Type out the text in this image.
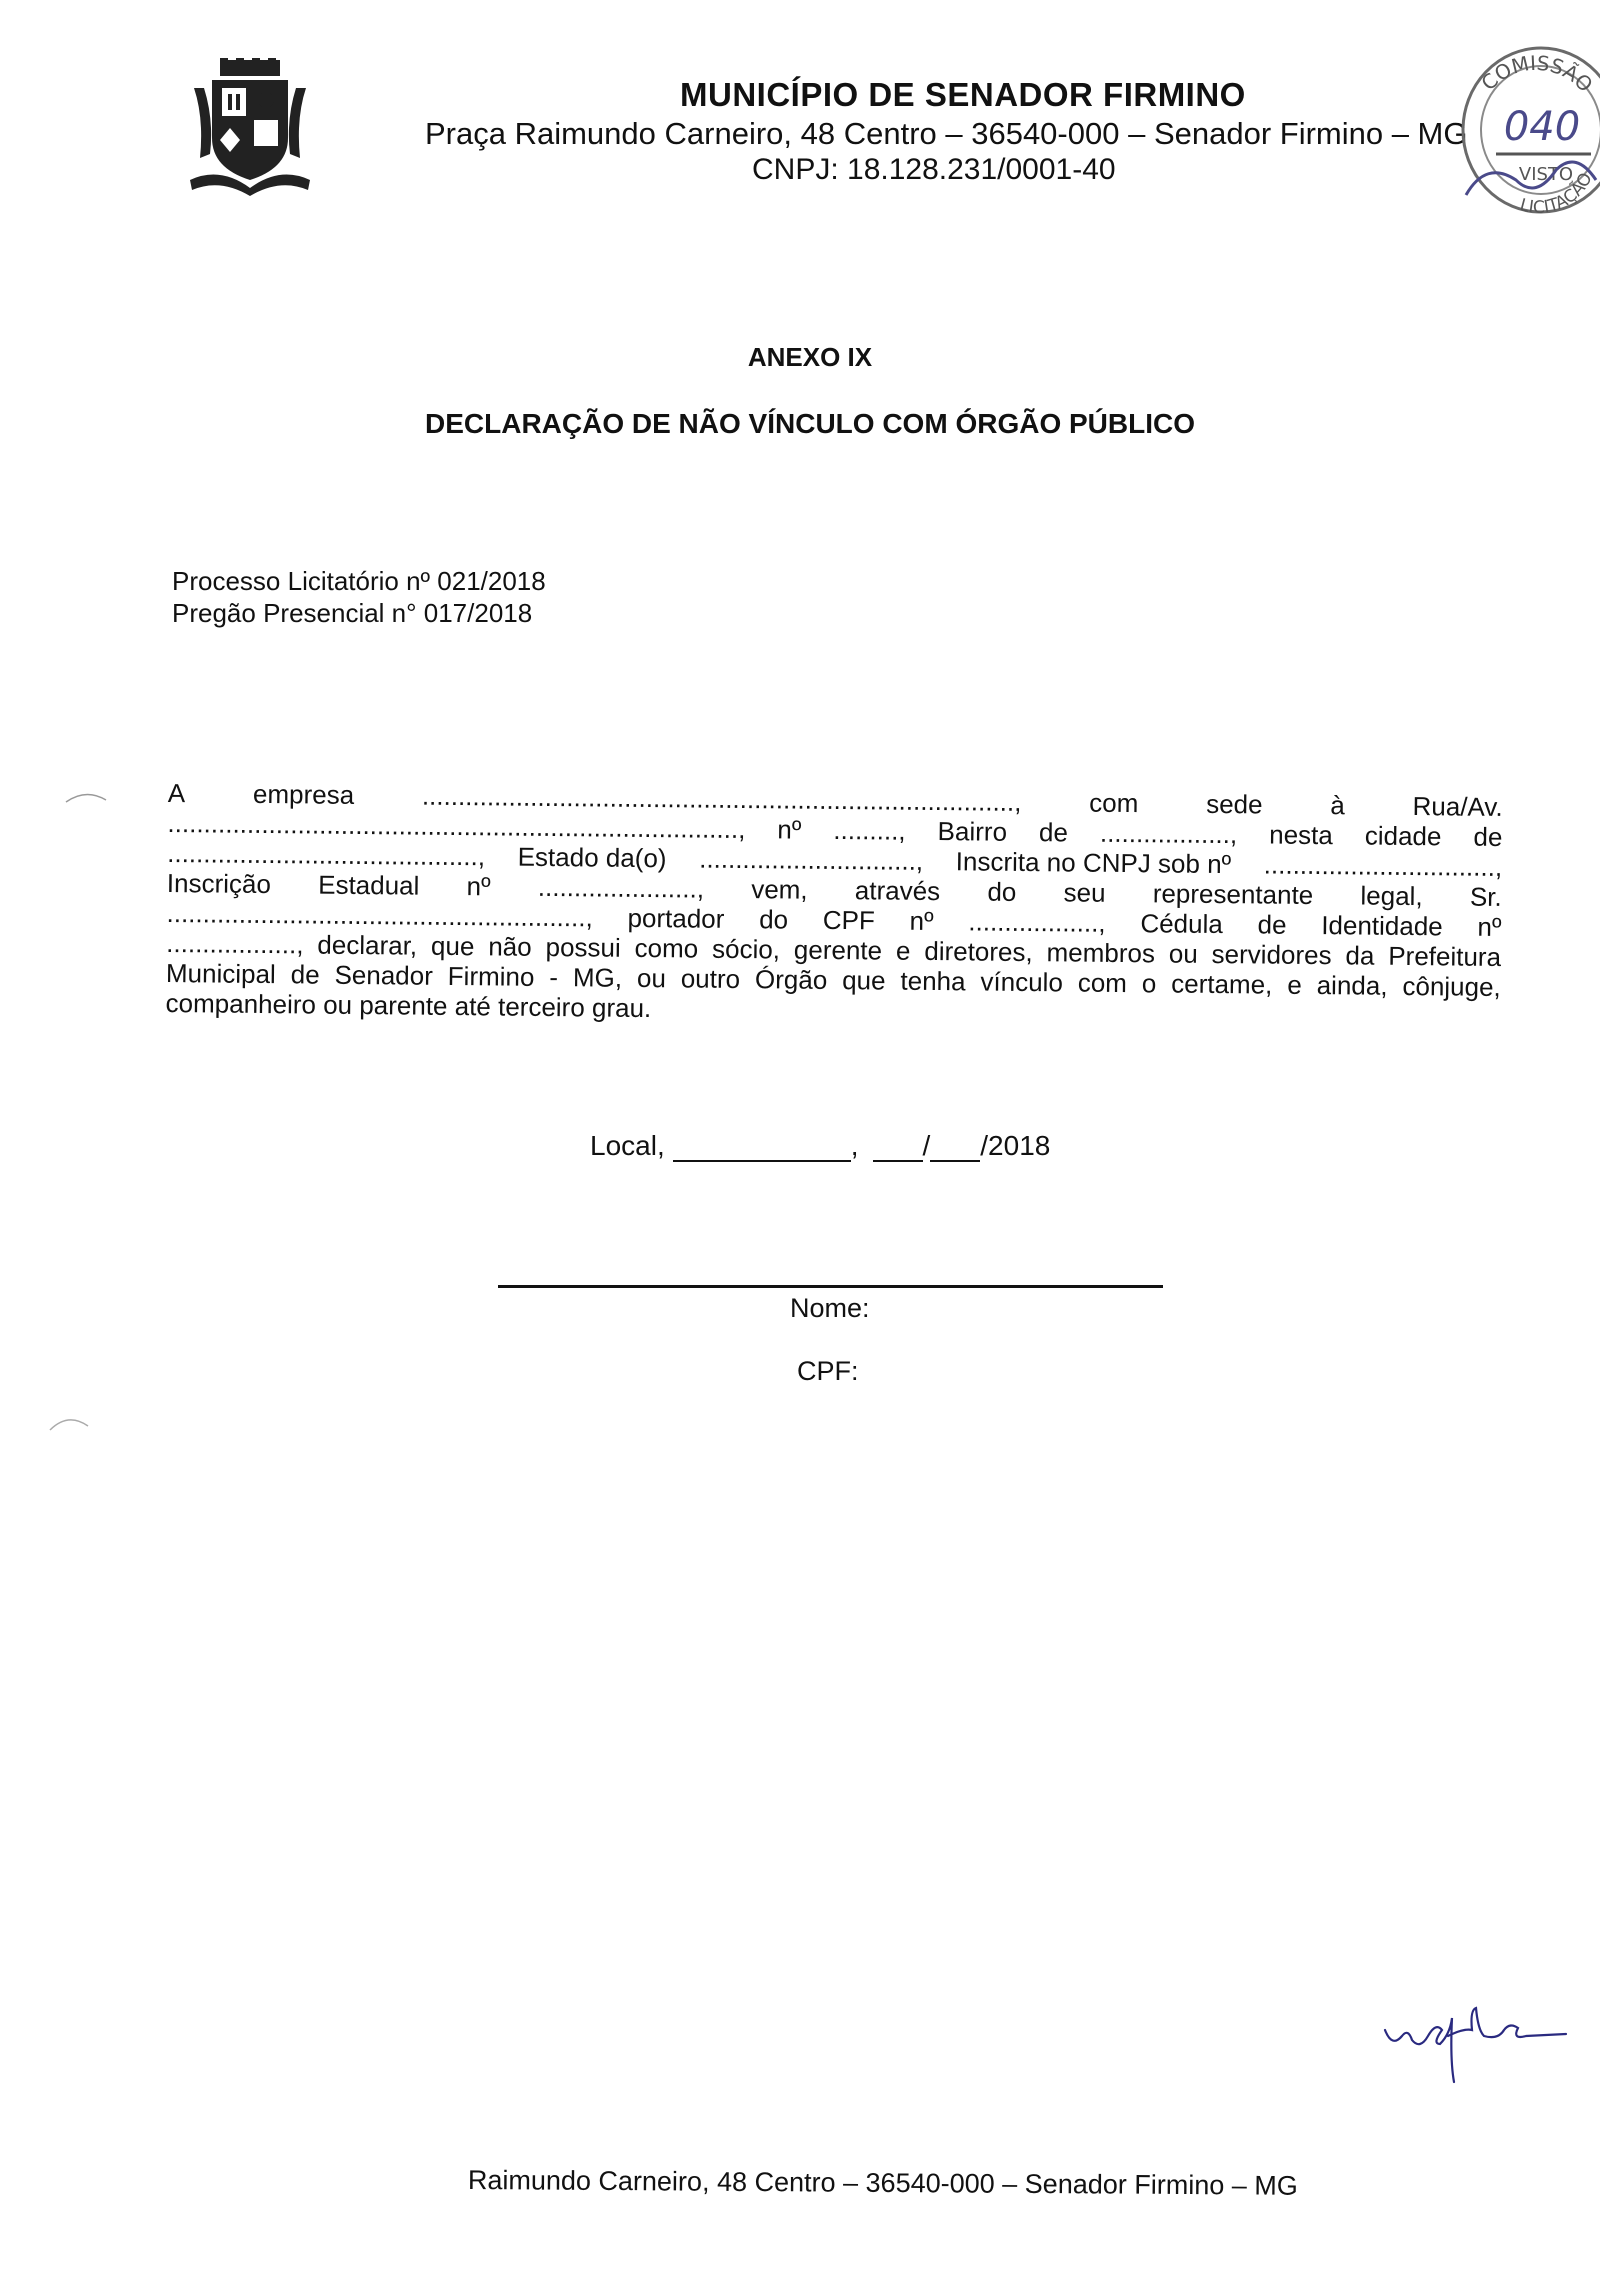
MUNICÍPIO DE SENADOR FIRMINO
Praça Raimundo Carneiro, 48 Centro – 36540-000 – Senador Firmino – MG
CNPJ: 18.128.231/0001-40
COMISSÃO
040
VISTO
LICITAÇÃO
ANEXO IX
DECLARAÇÃO DE NÃO VÍNCULO COM ÓRGÃO PÚBLICO
Processo Licitatório nº 021/2018
Pregão Presencial n° 017/2018
A	empresa	..................................................................................,	com	sede	à	Rua/Av.
..............................................................................., nº ........., Bairro de .................., nesta cidade de
..........................................., Estado da(o) .............................., Inscrita no CNPJ sob nº ................................,
Inscrição Estadual nº ......................, vem, através do seu representante legal, Sr.
.........................................................., portador do CPF nº .................., Cédula de Identidade nº
.................., declarar, que não possui como sócio, gerente e diretores, membros ou servidores da Prefeitura
Municipal de Senador Firmino - MG, ou outro Órgão que tenha vínculo com o certame, e ainda, cônjuge,
companheiro ou parente até terceiro grau.
Local,	, / /2018
Nome:
CPF:
Raimundo Carneiro, 48 Centro – 36540-000 – Senador Firmino – MG
